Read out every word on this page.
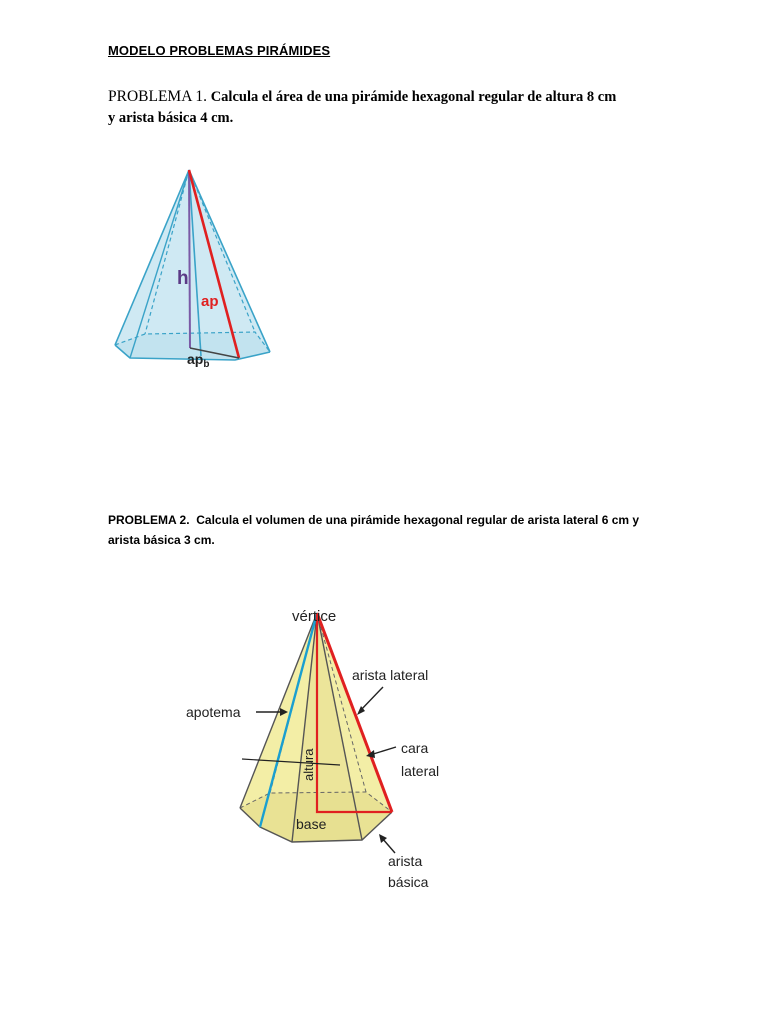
MODELO PROBLEMAS PIRÁMIDES
PROBLEMA 1. Calcula el área de una pirámide hexagonal regular de altura 8 cm
y arista básica 4 cm.
h
ap
$ap_b$
PROBLEMA 2. Calcula el volumen de una pirámide hexagonal regular de arista lateral 6 cm y
arista básica 3 cm.
vértice
arista lateral
apotema
cara
lateral
altura
base
arista
básica
